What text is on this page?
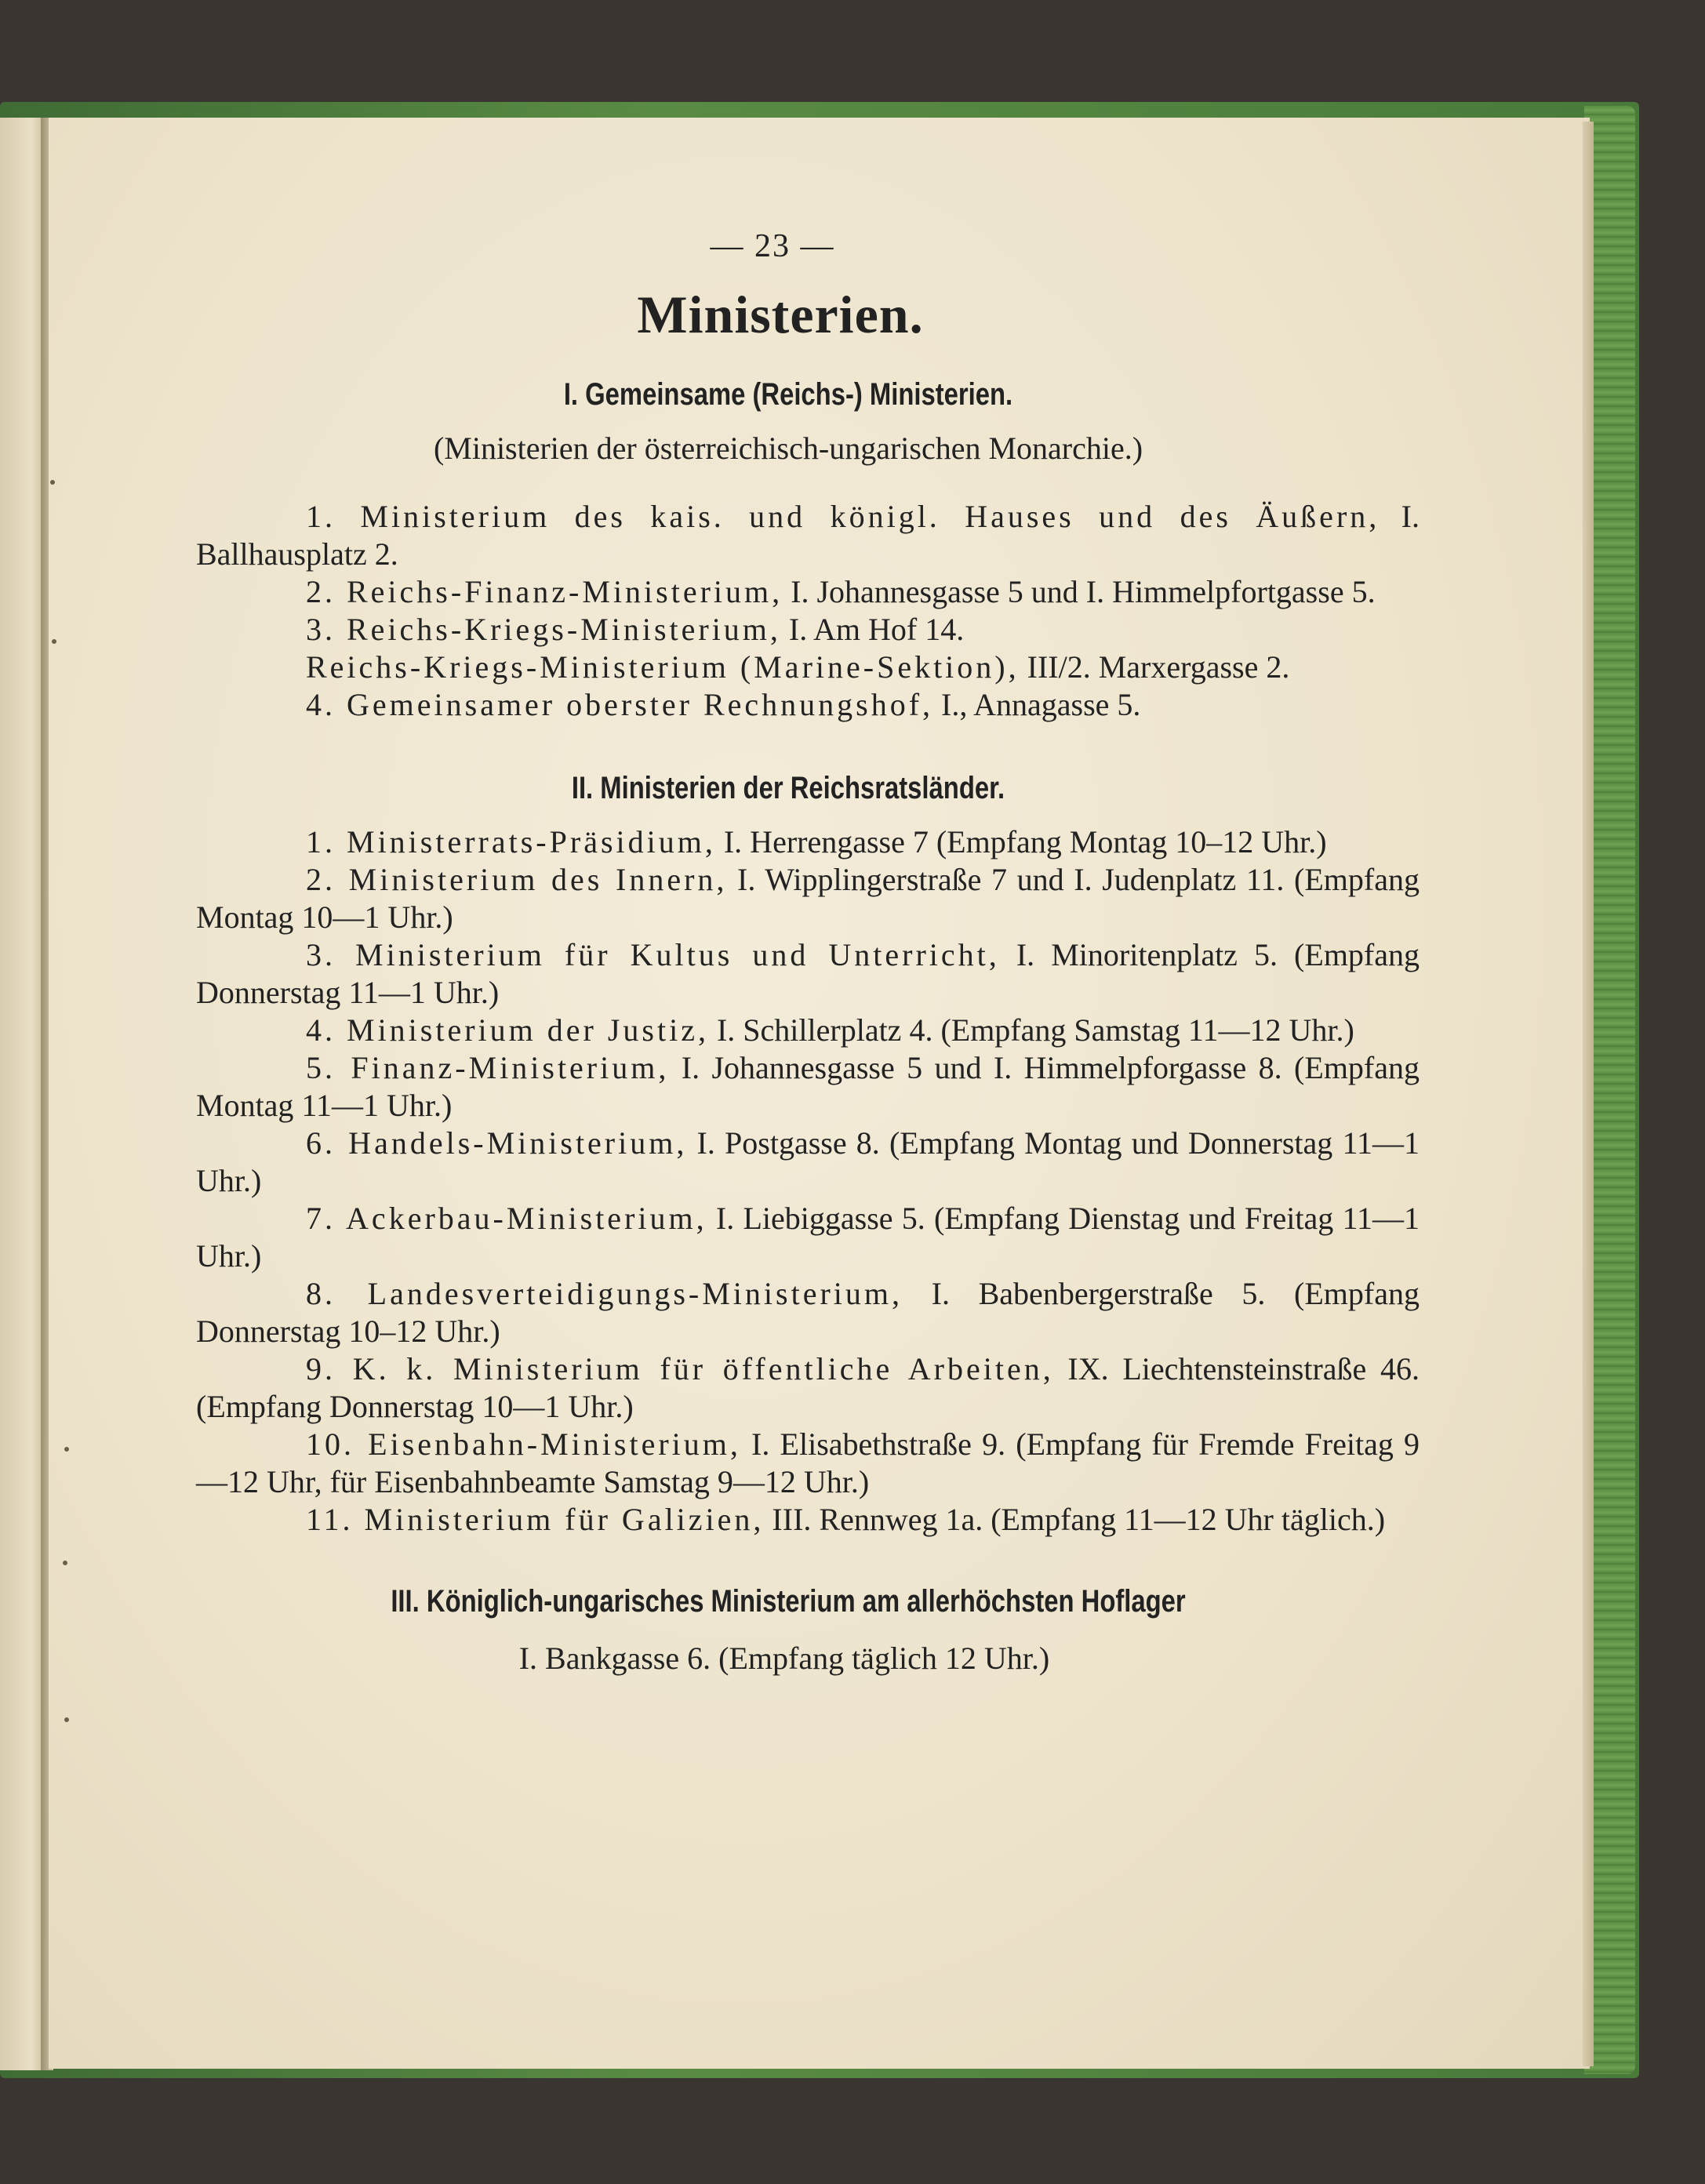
— 23 —
Ministerien.
I. Gemeinsame (Reichs-) Ministerien.
(Ministerien der österreichisch-ungarischen Monarchie.)

1. Ministerium des kais. und königl. Hauses und des Äußern, I. Ballhausplatz 2.

2. Reichs-Finanz-Ministerium, I. Johannesgasse 5 und I. Himmelpfortgasse 5.

3. Reichs-Kriegs-Ministerium, I. Am Hof 14.

Reichs-Kriegs-Ministerium (Marine-Sektion), III/2. Marxergasse 2.

4. Gemeinsamer oberster Rechnungshof, I., Annagasse 5.

II. Ministerien der Reichsratsländer.

1. Ministerrats-Präsidium, I. Herrengasse 7 (Empfang Montag 10–12 Uhr.)

2. Ministerium des Innern, I. Wipplingerstraße 7 und I. Judenplatz 11. (Empfang Montag 10—1 Uhr.)

3. Ministerium für Kultus und Unterricht, I. Minoritenplatz 5. (Empfang Donnerstag 11—1 Uhr.)

4. Ministerium der Justiz, I. Schillerplatz 4. (Empfang Samstag 11—12 Uhr.)

5. Finanz-Ministerium, I. Johannesgasse 5 und I. Himmelpforgasse 8. (Empfang Montag 11—1 Uhr.)

6. Handels-Ministerium, I. Postgasse 8. (Empfang Montag und Donnerstag 11—1 Uhr.)

7. Ackerbau-Ministerium, I. Liebiggasse 5. (Empfang Dienstag und Freitag 11—1 Uhr.)

8. Landesverteidigungs-Ministerium, I. Babenbergerstraße 5. (Empfang Donnerstag 10–12 Uhr.)

9. K. k. Ministerium für öffentliche Arbeiten, IX. Liechtensteinstraße 46. (Empfang Donnerstag 10—1 Uhr.)

10. Eisenbahn-Ministerium, I. Elisabethstraße 9. (Empfang für Fremde Freitag 9—12 Uhr, für Eisenbahnbeamte Samstag 9—12 Uhr.)

11. Ministerium für Galizien, III. Rennweg 1a. (Empfang 11—12 Uhr täglich.)

III. Königlich-ungarisches Ministerium am allerhöchsten Hoflager
I. Bankgasse 6. (Empfang täglich 12 Uhr.)
